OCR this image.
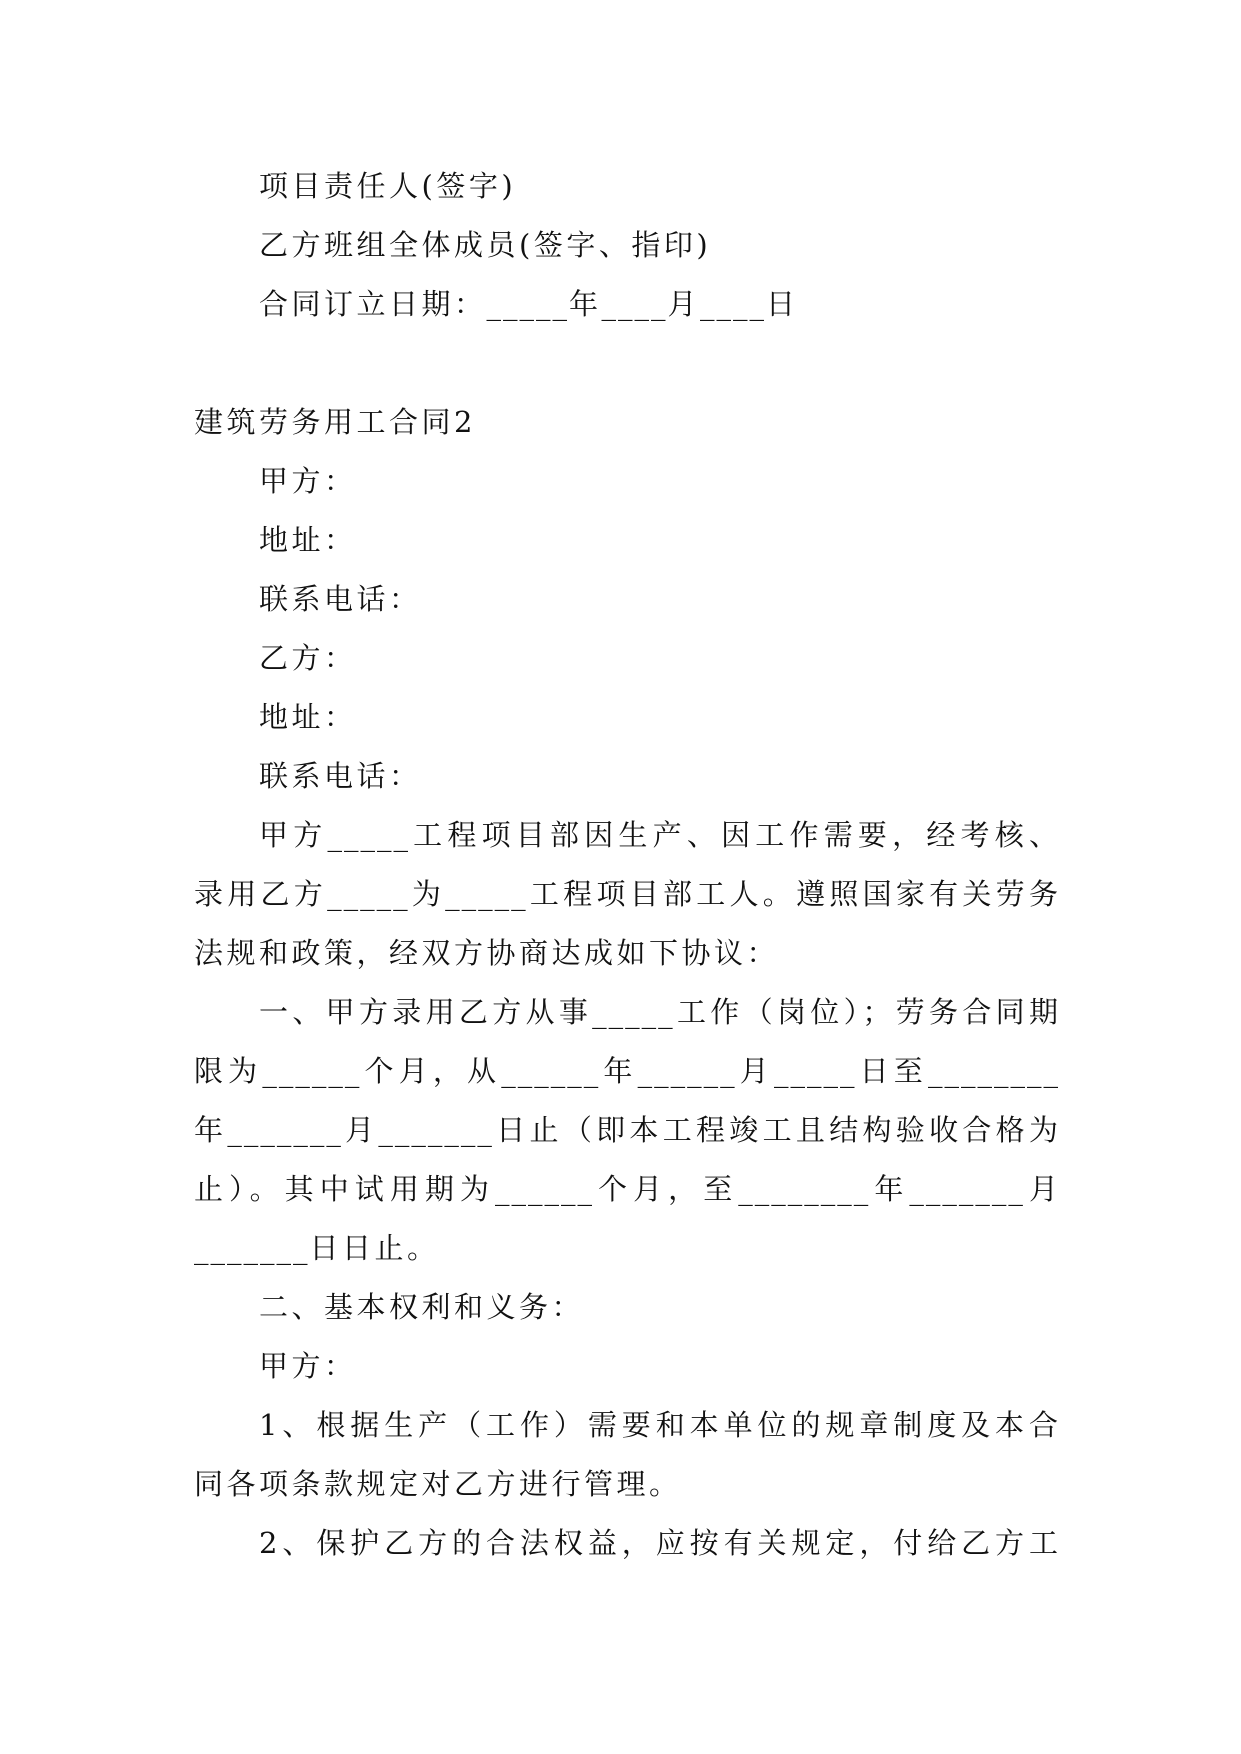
项目责任人(签字)
乙方班组全体成员(签字、指印)
合同订立日期：_____年____月____日
建筑劳务用工合同2
甲方：
地址：
联系电话：
乙方：
地址：
联系电话：
甲方_____工程项目部因生产、因工作需要，经考核、
录用乙方_____为_____工程项目部工人。遵照国家有关劳务
法规和政策，经双方协商达成如下协议：
一、甲方录用乙方从事_____工作（岗位）；劳务合同期
限为______个月，从______年______月_____日至________
年_______月_______日止（即本工程竣工且结构验收合格为
止）。其中试用期为______个月，至________年_______月
_______日日止。
二、基本权利和义务：
甲方：
1、根据生产（工作）需要和本单位的规章制度及本合
同各项条款规定对乙方进行管理。
2、保护乙方的合法权益，应按有关规定，付给乙方工
